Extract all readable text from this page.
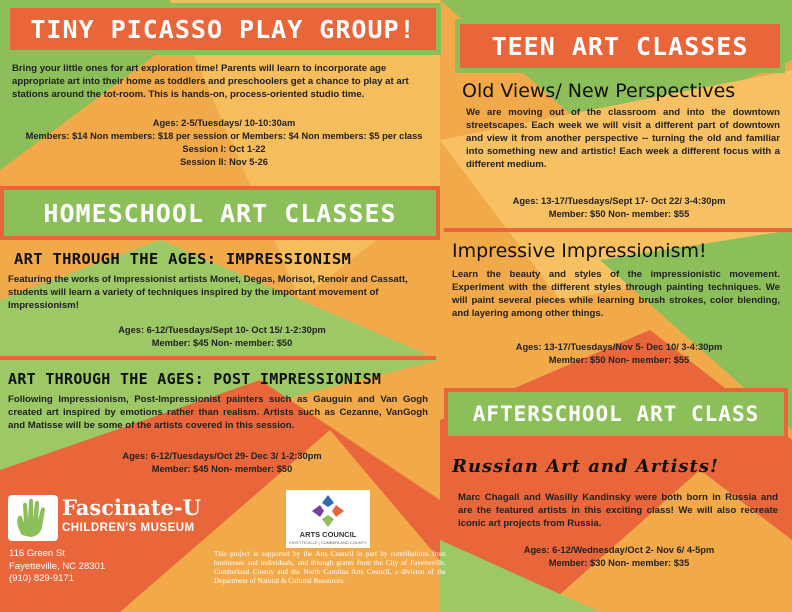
TINY PICASSO PLAY GROUP!
Bring your little ones for art exploration time! Parents will learn to incorporate age appropriate art into their home as toddlers and preschoolers get a chance to play at art stations around the tot-room. This is hands-on, process-oriented studio time.
Ages: 2-5/Tuesdays/ 10-10:30am
Members: $14 Non members: $18 per session or Members: $4 Non members: $5 per class
Session I: Oct 1-22
Session II: Nov 5-26
HOMESCHOOL ART CLASSES
ART THROUGH THE AGES: IMPRESSIONISM
Featuring the works of Impressionist artists Monet, Degas, Morisot, Renoir and Cassatt, students will learn a variety of techniques inspired by the important movement of Impressionism!
Ages: 6-12/Tuesdays/Sept 10- Oct 15/ 1-2:30pm
Member: $45 Non- member: $50
ART THROUGH THE AGES: POST IMPRESSIONISM
Following Impressionism, Post-Impressionist painters such as Gauguin and Van Gogh created art inspired by emotions rather than realism. Artists such as Cezanne, VanGogh and Matisse will be some of the artists covered in this session.
Ages: 6-12/Tuesdays/Oct 29- Dec 3/ 1-2:30pm
Member: $45 Non- member: $50
TEEN ART CLASSES
Old Views/ New Perspectives
We are moving out of the classroom and into the downtown streetscapes. Each week we will visit a different part of downtown and view it from another perspective -- turning the old and familiar into something new and artistic! Each week a different focus with a different medium.
Ages: 13-17/Tuesdays/Sept 17- Oct 22/ 3-4:30pm
Member: $50 Non- member: $55
Impressive Impressionism!
Learn the beauty and styles of the impressionistic movement. Experiment with the different styles through painting techniques. We will paint several pieces while learning brush strokes, color blending, and layering among other things.
Ages: 13-17/Tuesdays/Nov 5- Dec 10/ 3-4:30pm
Member: $50 Non- member: $55
AFTERSCHOOL ART CLASS
Russian Art and Artists!
Marc Chagall and Wasilly Kandinsky were both born in Russia and are the featured artists in this exciting class! We will also recreate iconic art projects from Russia.
Ages: 6-12/Wednesday/Oct 2- Nov 6/ 4-5pm
Member: $30 Non- member: $35
Fascinate-U
CHILDREN'S MUSEUM
116 Green St
Fayetteville, NC 28301
(910) 829-9171
ARTS COUNCIL
FAYETTEVILLE | CUMBERLAND COUNTY
This project is supported by the Arts Council in part by contributions from businesses and individuals, and through grants from the City of Fayetteville, Cumberland County and the North Carolina Arts Council, a division of the Department of Natural & Cultural Resources.
